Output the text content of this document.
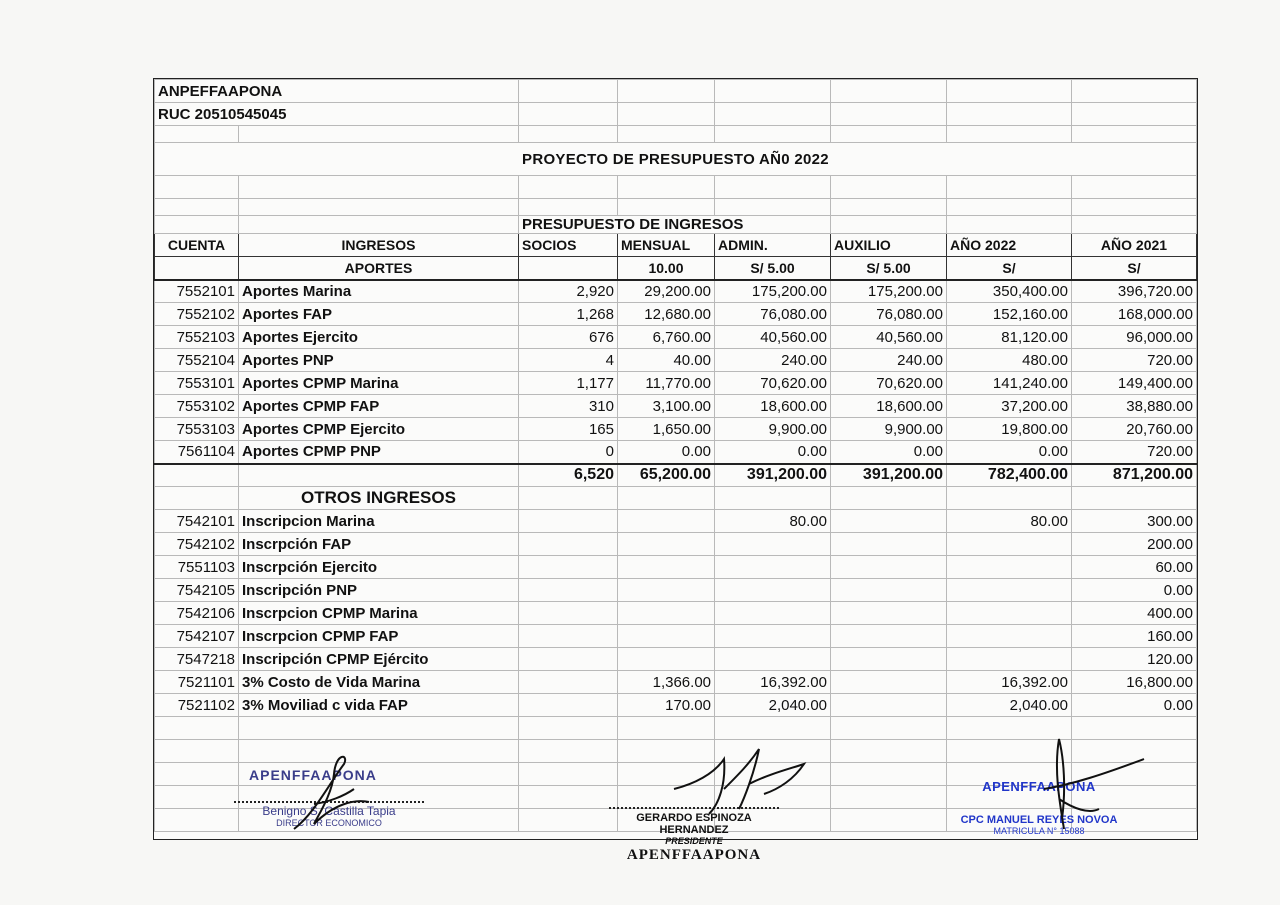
ANPEFFAAPONA							
RUC 20510545045							

PROYECTO DE PRESUPUESTO AÑ0 2022							

		PRESUPUESTO DE INGRESOS					
CUENTA	INGRESOS	SOCIOS	MENSUAL	ADMIN.	AUXILIO	AÑO 2022	AÑO 2021
	APORTES		10.00	S/ 5.00	S/ 5.00	S/	S/
7552101	Aportes Marina	2,920	29,200.00	175,200.00	175,200.00	350,400.00	396,720.00
7552102	Aportes FAP	1,268	12,680.00	76,080.00	76,080.00	152,160.00	168,000.00
7552103	Aportes Ejercito	676	6,760.00	40,560.00	40,560.00	81,120.00	96,000.00
7552104	Aportes PNP	4	40.00	240.00	240.00	480.00	720.00
7553101	Aportes CPMP Marina	1,177	11,770.00	70,620.00	70,620.00	141,240.00	149,400.00
7553102	Aportes CPMP FAP	310	3,100.00	18,600.00	18,600.00	37,200.00	38,880.00
7553103	Aportes CPMP Ejercito	165	1,650.00	9,900.00	9,900.00	19,800.00	20,760.00
7561104	Aportes CPMP PNP	0	0.00	0.00	0.00	0.00	720.00
		6,520	65,200.00	391,200.00	391,200.00	782,400.00	871,200.00
	OTROS INGRESOS						
7542101	Inscripcion Marina			80.00		80.00	300.00
7542102	Inscrpción FAP						200.00
7551103	Inscrpción Ejercito						60.00
7542105	Inscripción PNP						0.00
7542106	Inscrpcion CPMP Marina						400.00
7542107	Inscrpcion CPMP FAP						160.00
7547218	Inscripción CPMP Ejército						120.00
7521101	3% Costo de Vida Marina		1,366.00	16,392.00		16,392.00	16,800.00
7521102	3% Moviliad c vida FAP		170.00	2,040.00		2,040.00	0.00

APENFFAAPONA
Benigno S. Castilla Tapia
DIRECTOR ECONOMICO	GERARDO ESPINOZA HERNANDEZ
PRESIDENTE
APENFFAAPONA
APENFFAAPONA
CPC MANUEL REYES NOVOA
MATRICULA N° 15088
